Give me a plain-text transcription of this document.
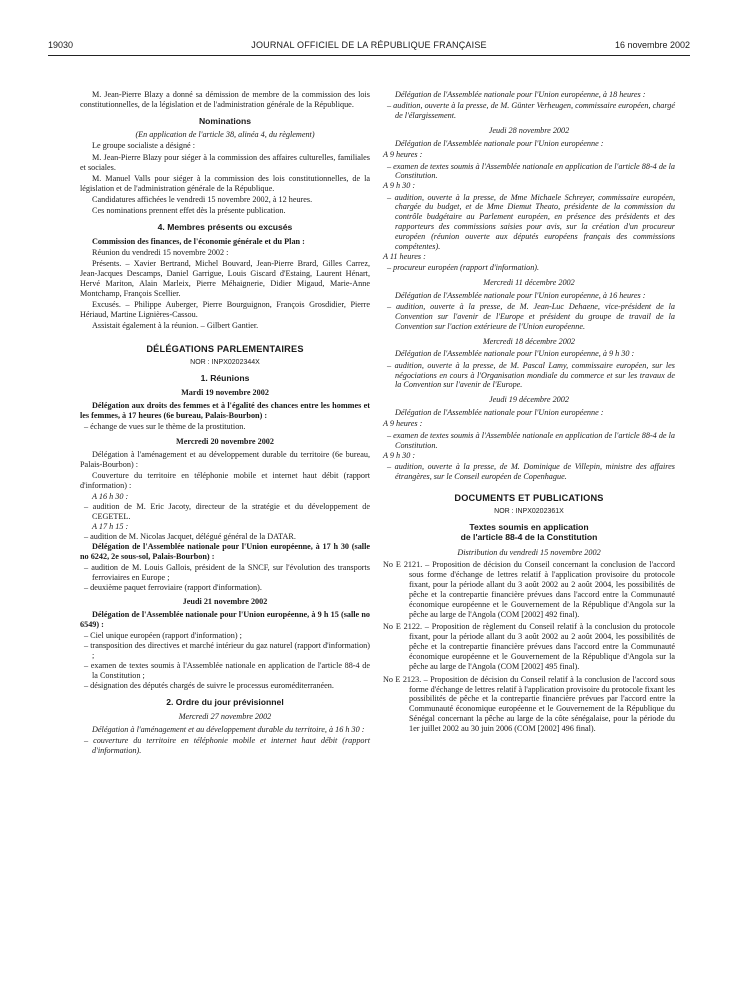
19030	JOURNAL OFFICIEL DE LA RÉPUBLIQUE FRANÇAISE	16 novembre 2002

M. Jean-Pierre Blazy a donné sa démission de membre de la commission des lois constitutionnelles, de la législation et de l'administration générale de la République.

Nominations

(En application de l'article 38, alinéa 4, du règlement)

Le groupe socialiste a désigné :

M. Jean-Pierre Blazy pour siéger à la commission des affaires culturelles, familiales et sociales.

M. Manuel Valls pour siéger à la commission des lois constitutionnelles, de la législation et de l'administration générale de la République.

Candidatures affichées le vendredi 15 novembre 2002, à 12 heures.

Ces nominations prennent effet dès la présente publication.

4. Membres présents ou excusés

Commission des finances, de l'économie générale et du Plan :

Réunion du vendredi 15 novembre 2002 :

Présents. – Xavier Bertrand, Michel Bouvard, Jean-Pierre Brard, Gilles Carrez, Jean-Jacques Descamps, Daniel Garrigue, Louis Giscard d'Estaing, Laurent Hénart, Hervé Mariton, Alain Marleix, Pierre Méhaignerie, Didier Migaud, Marie-Anne Montchamp, François Scellier.

Excusés. – Philippe Auberger, Pierre Bourguignon, François Grosdidier, Pierre Hériaud, Martine Lignières-Cassou.

Assistait également à la réunion. – Gilbert Gantier.

DÉLÉGATIONS PARLEMENTAIRES
NOR : INPX0202344X
1. Réunions
Mardi 19 novembre 2002

Délégation aux droits des femmes et à l'égalité des chances entre les hommes et les femmes, à 17 heures (6e bureau, Palais-Bourbon) :

– échange de vues sur le thème de la prostitution.

Mercredi 20 novembre 2002

Délégation à l'aménagement et au développement durable du territoire (6e bureau, Palais-Bourbon) :

Couverture du territoire en téléphonie mobile et internet haut débit (rapport d'information) :

A 16 h 30 :

– audition de M. Eric Jacoty, directeur de la stratégie et du développement de CEGETEL.

A 17 h 15 :

– audition de M. Nicolas Jacquet, délégué général de la DATAR.

Délégation de l'Assemblée nationale pour l'Union européenne, à 17 h 30 (salle no 6242, 2e sous-sol, Palais-Bourbon) :

– audition de M. Louis Gallois, président de la SNCF, sur l'évolution des transports ferroviaires en Europe ;

– deuxième paquet ferroviaire (rapport d'information).

Jeudi 21 novembre 2002

Délégation de l'Assemblée nationale pour l'Union européenne, à 9 h 15 (salle no 6549) :

– Ciel unique européen (rapport d'information) ;

– transposition des directives et marché intérieur du gaz naturel (rapport d'information) ;

– examen de textes soumis à l'Assemblée nationale en application de l'article 88-4 de la Constitution ;

– désignation des députés chargés de suivre le processus euroméditerranéen.

2. Ordre du jour prévisionnel
Mercredi 27 novembre 2002

Délégation à l'aménagement et au développement durable du territoire, à 16 h 30 :

– couverture du territoire en téléphonie mobile et internet haut débit (rapport d'information).

Délégation de l'Assemblée nationale pour l'Union européenne, à 18 heures :

– audition, ouverte à la presse, de M. Günter Verheugen, commissaire européen, chargé de l'élargissement.

Jeudi 28 novembre 2002

Délégation de l'Assemblée nationale pour l'Union européenne :

A 9 heures :

– examen de textes soumis à l'Assemblée nationale en application de l'article 88-4 de la Constitution.

A 9 h 30 :

– audition, ouverte à la presse, de Mme Michaele Schreyer, commissaire européen, chargée du budget, et de Mme Diemut Theato, présidente de la commission du contrôle budgétaire au Parlement européen, en présence des présidents et des rapporteurs des commissions saisies pour avis, sur la création d'un procureur européen (réunion ouverte aux députés européens français des commissions compétentes).

A 11 heures :

– procureur européen (rapport d'information).

Mercredi 11 décembre 2002

Délégation de l'Assemblée nationale pour l'Union européenne, à 16 heures :

– audition, ouverte à la presse, de M. Jean-Luc Dehaene, vice-président de la Convention sur l'avenir de l'Europe et président du groupe de travail de la Convention sur l'action extérieure de l'Union européenne.

Mercredi 18 décembre 2002

Délégation de l'Assemblée nationale pour l'Union européenne, à 9 h 30 :

– audition, ouverte à la presse, de M. Pascal Lamy, commissaire européen, sur les négociations en cours à l'Organisation mondiale du commerce et sur les travaux de la Convention sur l'avenir de l'Europe.

Jeudi 19 décembre 2002

Délégation de l'Assemblée nationale pour l'Union européenne :

A 9 heures :

– examen de textes soumis à l'Assemblée nationale en application de l'article 88-4 de la Constitution.

A 9 h 30 :

– audition, ouverte à la presse, de M. Dominique de Villepin, ministre des affaires étrangères, sur le Conseil européen de Copenhague.

DOCUMENTS ET PUBLICATIONS
NOR : INPX0202361X
Textes soumis en application
de l'article 88-4 de la Constitution
Distribution du vendredi 15 novembre 2002

No E 2121. – Proposition de décision du Conseil concernant la conclusion de l'accord sous forme d'échange de lettres relatif à l'application provisoire du protocole fixant, pour la période allant du 3 août 2002 au 2 août 2004, les possibilités de pêche et la contrepartie financière prévues dans l'accord entre la Communauté économique européenne et le Gouvernement de la République d'Angola sur la pêche au large de l'Angola (COM [2002] 492 final).

No E 2122. – Proposition de règlement du Conseil relatif à la conclusion du protocole fixant, pour la période allant du 3 août 2002 au 2 août 2004, les possibilités de pêche et la contrepartie financière prévues dans l'accord entre la Communauté économique européenne et le Gouvernement de la République d'Angola sur la pêche au large de l'Angola (COM [2002] 495 final).

No E 2123. – Proposition de décision du Conseil relatif à la conclusion de l'accord sous forme d'échange de lettres relatif à l'application provisoire du protocole fixant les possibilités de pêche et la contrepartie financière prévues par l'accord entre la Communauté économique européenne et le Gouvernement de la République du Sénégal concernant la pêche au large de la côte sénégalaise, pour la période du 1er juillet 2002 au 30 juin 2006 (COM [2002] 496 final).
